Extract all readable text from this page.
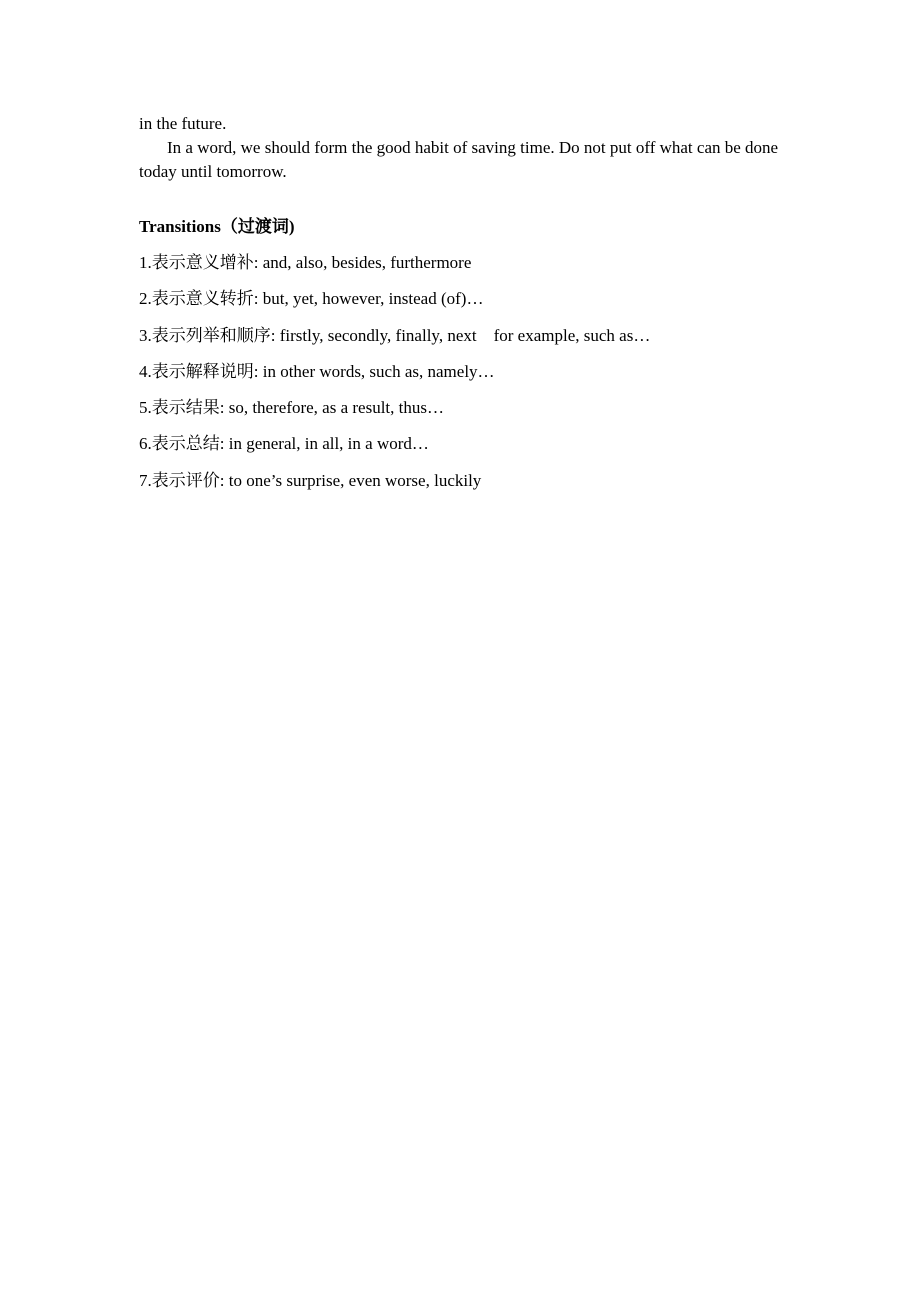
in the future.

In a word, we should form the good habit of saving time. Do not put off what can be done today until tomorrow.

Transitions（过渡词)

1.表示意义增补: and, also, besides, furthermore
2.表示意义转折: but, yet, however, instead (of)…
3.表示列举和顺序: firstly, secondly, finally, next    for example, such as…
4.表示解释说明: in other words, such as, namely…
5.表示结果: so, therefore, as a result, thus…
6.表示总结: in general, in all, in a word…
7.表示评价: to one’s surprise, even worse, luckily
